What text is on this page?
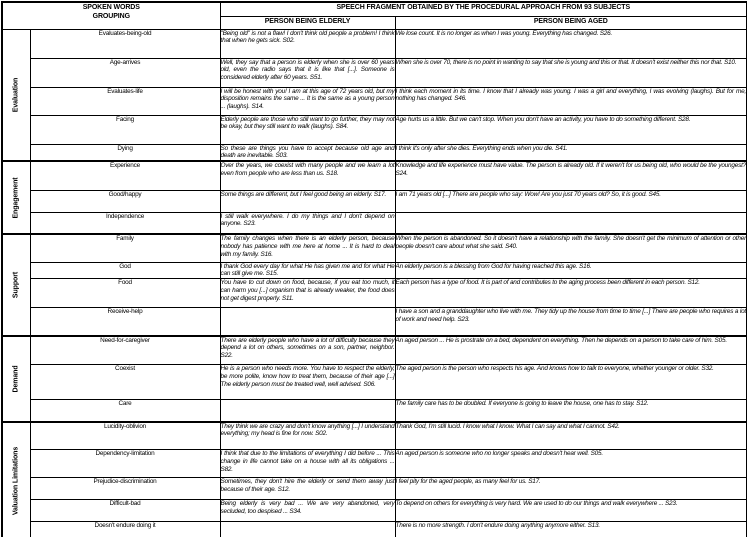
SPOKEN WORDS
GROUPING		SPEECH FRAGMENT OBTAINED BY THE PROCEDURAL APPROACH FROM 93 SUBJECTS	
		PERSON BEING ELDERLY	PERSON BEING AGED

Evaluation	Evaluates-being-old	"Being old" is not a flaw! I don't think old people a problem! I think that when he gets sick. S02.	We lose count. It is no longer as when I was young. Everything has changed. S26.
	Age-arrives	Well, they say that a person is elderly when she is over 60 years old, even the radio says that it is like that [...]. Someone is considered elderly after 60 years. S51.	When she is over 70, there is no point in wanting to say that she is young and this or that. It doesn't exist neither this nor that. S10.
	Evaluates-life	I will be honest with you! I am at this age of 72 years old, but my disposition remains the same ... It is the same as a young person ... (laughs). S14.	I think each moment in its time. I know that I already was young. I was a girl and everything, I was evolving (laughs). But for me, nothing has changed. S46.
	Facing	Elderly people are those who still want to go further, they may not be okay, but they still want to walk (laughs). S84.	Age hurts us a little. But we can't stop. When you don't have an activity, you have to do something different. S28.
	Dying	So these are things you have to accept because old age and death are inevitable. S03.	I think it's only after she dies. Everything ends when you die. S41.

Engagement	Experience	Over the years, we coexist with many people and we learn a lot even from people who are less than us. S18.	Knowledge and life experience must have value. The person is already old. If it weren't for us being old, who would be the youngest? S24.
	Good/happy	Some things are different, but I feel good being an elderly. S17.	I am 71 years old [...] There are people who say: Wow! Are you just 70 years old? So, it is good. S45.
	Independence	I still walk everywhere. I do my things and I don't depend on anyone. S23.	

Support	Family	The family changes when there is an elderly person, because nobody has patience with me here at home ... It is hard to deal with my family. S16.	When the person is abandoned. So it doesn't have a relationship with the family. She doesn't get the minimum of attention or other people doesn't care about what she said. S40.
	God	I thank God every day for what He has given me and for what He can still give me. S15.	An elderly person is a blessing from God for having reached this age. S16.
	Food	You have to cut down on food, because, if you eat too much, it can harm you [...] organism that is already weaker, the food does not get digest properly. S11.	Each person has a type of food. It is part of and contributes to the aging process been different in each person. S12.
	Receive-help		I have a son and a granddaughter who live with me. They tidy up the house from time to time [...] There are people who requires a lot of work and need help. S23.

Demand	Need-for-caregiver	There are elderly people who have a lot of difficulty because they depend a lot on others, sometimes on a son, partner, neighbor. S22.	An aged person ... He is prostrate on a bed, dependent on everything. Then he depends on a person to take care of him. S05.
	Coexist	He is a person who needs more. You have to respect the elderly, be more polite, know how to treat them, because of their age [...] The elderly person must be treated well, well advised. S06.	The aged person is the person who respects his age. And knows how to talk to everyone, whether younger or older. S32.
	Care		The family care has to be doubled. If everyone is going to leave the house, one has to stay. S12.

Valuation Limitations	Lucidity-oblivion	They think we are crazy and don't know anything [...] I understand everything; my head is fine for now. S02.	Thank God, I'm still lucid. I know what I know. What I can say and what I cannot. S42.
	Dependency-limitation	I think that due to the limitations of everything I did before ... This change in life cannot take on a house with all its obligations ... S82.	An aged person is someone who no longer speaks and doesn't hear well. S05.
	Prejudice-discrimination	Sometimes, they don't hire the elderly or send them away just because of their age. S12.	I feel pity for the aged people, as many feel for us. S17.
	Difficult-bad	Being elderly is very bad ... We are very abandoned, very secluded, too despised ... S34.	To depend on others for everything is very hard. We are used to do our things and walk everywhere ... S23.
	Doesn't endure doing it		There is no more strength. I don't endure doing anything anymore either. S13.
